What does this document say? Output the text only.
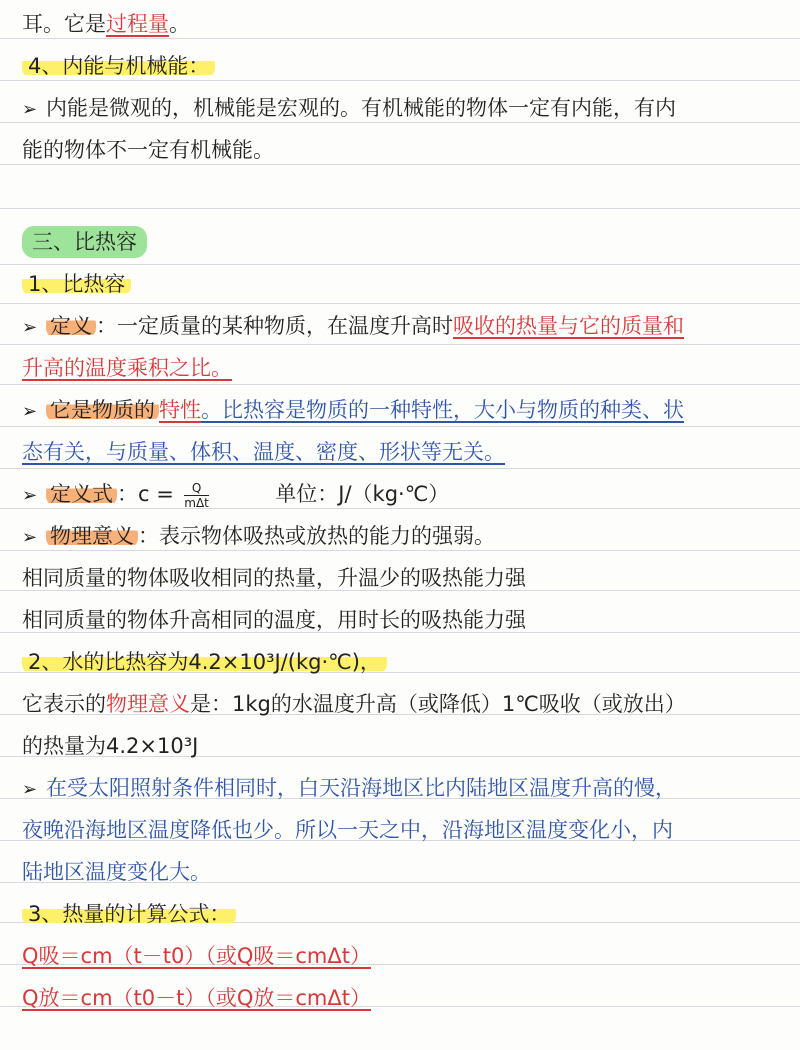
耳。它是过程量。
4、内能与机械能：
➢ 内能是微观的，机械能是宏观的。有机械能的物体一定有内能，有内
能的物体不一定有机械能。
三、比热容
1、比热容
➢ 定义 ：一定质量的某种物质，在温度升高时吸收的热量与它的质量和
升高的温度乘积之比。
➢ 它是物质的 特性。比热容是物质的一种特性，大小与物质的种类、状
态有关，与质量、体积、温度、密度、形状等无关。
➢ 定义式 ：$c = \frac{Q}{\text{mΔt}}$	单位：J/（kg·℃）
➢ 物理意义 ：表示物体吸热或放热的能力的强弱。
相同质量的物体吸收相同的热量，升温少的吸热能力强
相同质量的物体升高相同的温度，用时长的吸热能力强
2、水的比热容为4.2×10³J/(kg·℃)，
它表示的物理意义是：1kg的水温度升高（或降低）1℃吸收（或放出）
的热量为4.2×10³J
➢ 在受太阳照射条件相同时，白天沿海地区比内陆地区温度升高的慢，
夜晚沿海地区温度降低也少。所以一天之中，沿海地区温度变化小，内
陆地区温度变化大。
3、热量的计算公式：
Q吸＝cm（t－t0）（或Q吸＝cmΔt）
Q放＝cm（t0－t）（或Q放＝cmΔt）
